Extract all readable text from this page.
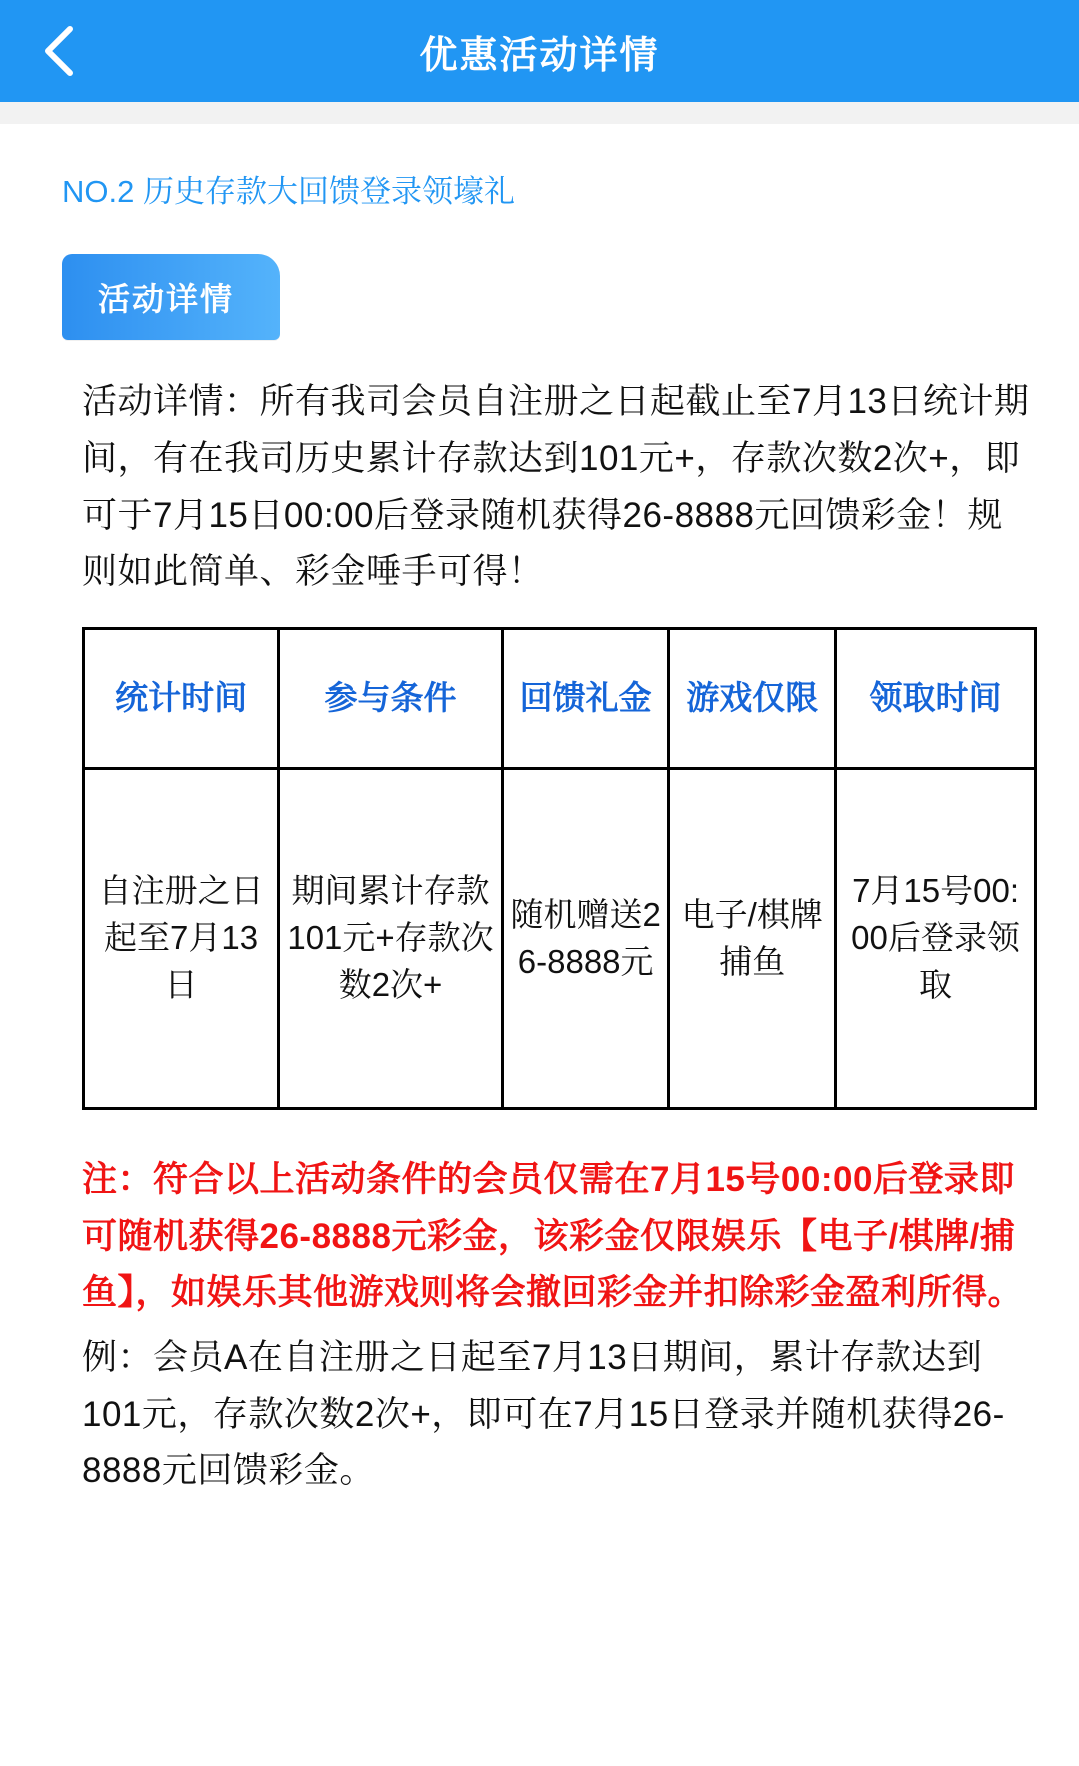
优惠活动详情
NO.2 历史存款大回馈登录领壕礼
活动详情

活动详情：所有我司会员自注册之日起截止至7月13日统计期间，有在我司历史累计存款达到101元+，存款次数2次+，即可于7月15日00:00后登录随机获得26-8888元回馈彩金！规则如此简单、彩金唾手可得！

统计时间	参与条件	回馈礼金	游戏仅限	领取时间
自注册之日起至7月13日	期间累计存款101元+存款次数2次+	随机赠送26-8888元	电子/棋牌捕鱼	7月15号00:00后登录领取

注：符合以上活动条件的会员仅需在7月15号00:00后登录即可随机获得26-8888元彩金，该彩金仅限娱乐【电子/棋牌/捕鱼】，如娱乐其他游戏则将会撤回彩金并扣除彩金盈利所得。

例：会员A在自注册之日起至7月13日期间，累计存款达到101元，存款次数2次+，即可在7月15日登录并随机获得26-8888元回馈彩金。
